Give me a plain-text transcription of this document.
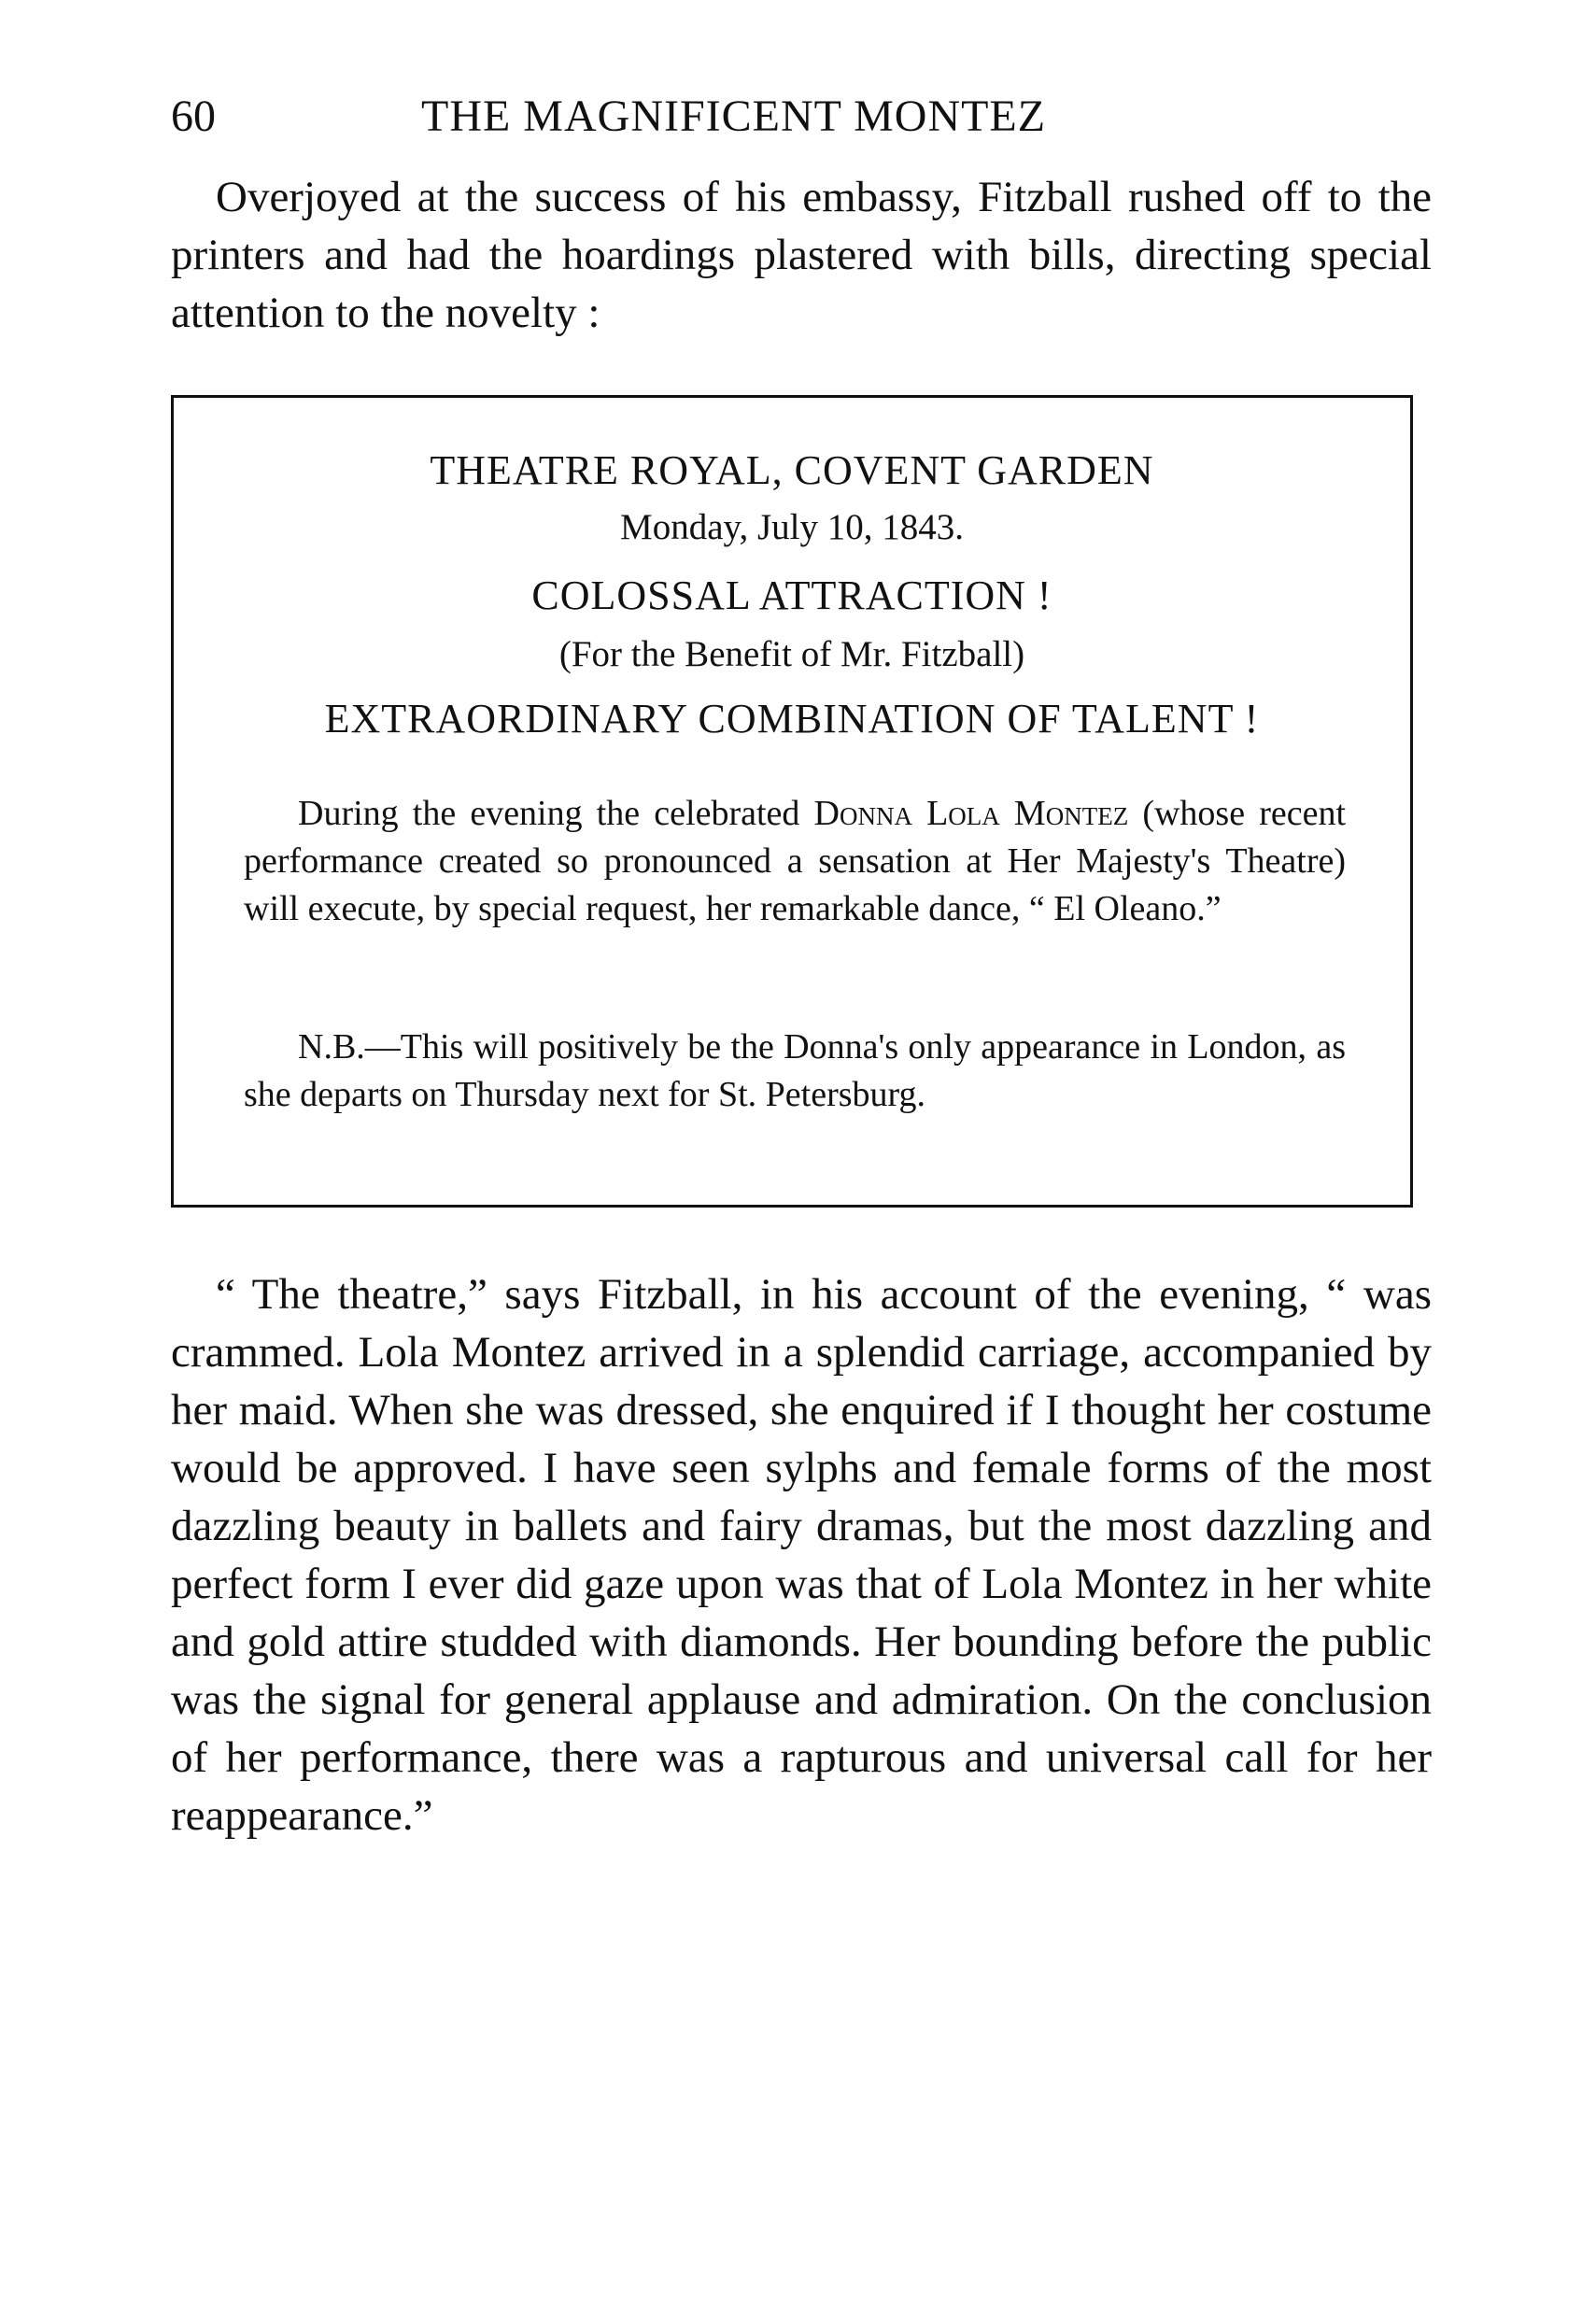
60	THE MAGNIFICENT MONTEZ

Overjoyed at the success of his embassy, Fitzball rushed off to the printers and had the hoardings plastered with bills, directing special attention to the novelty :

THEATRE ROYAL, COVENT GARDEN

Monday, July 10, 1843.

COLOSSAL ATTRACTION !

(For the Benefit of Mr. Fitzball)

EXTRAORDINARY COMBINATION OF TALENT !

During the evening the celebrated Donna Lola Montez (whose recent performance created so pronounced a sensation at Her Majesty's Theatre) will execute, by special request, her remarkable dance, “ El Oleano.”

N.B.—This will positively be the Donna's only appearance in London, as she departs on Thursday next for St. Petersburg.

“ The theatre,” says Fitzball, in his account of the evening, “ was crammed. Lola Montez arrived in a splendid carriage, accompanied by her maid. When she was dressed, she enquired if I thought her costume would be approved. I have seen sylphs and female forms of the most dazzling beauty in ballets and fairy dramas, but the most dazzling and perfect form I ever did gaze upon was that of Lola Montez in her white and gold attire studded with diamonds. Her bounding before the public was the signal for general applause and admiration. On the conclusion of her performance, there was a rapturous and universal call for her reappearance.”
